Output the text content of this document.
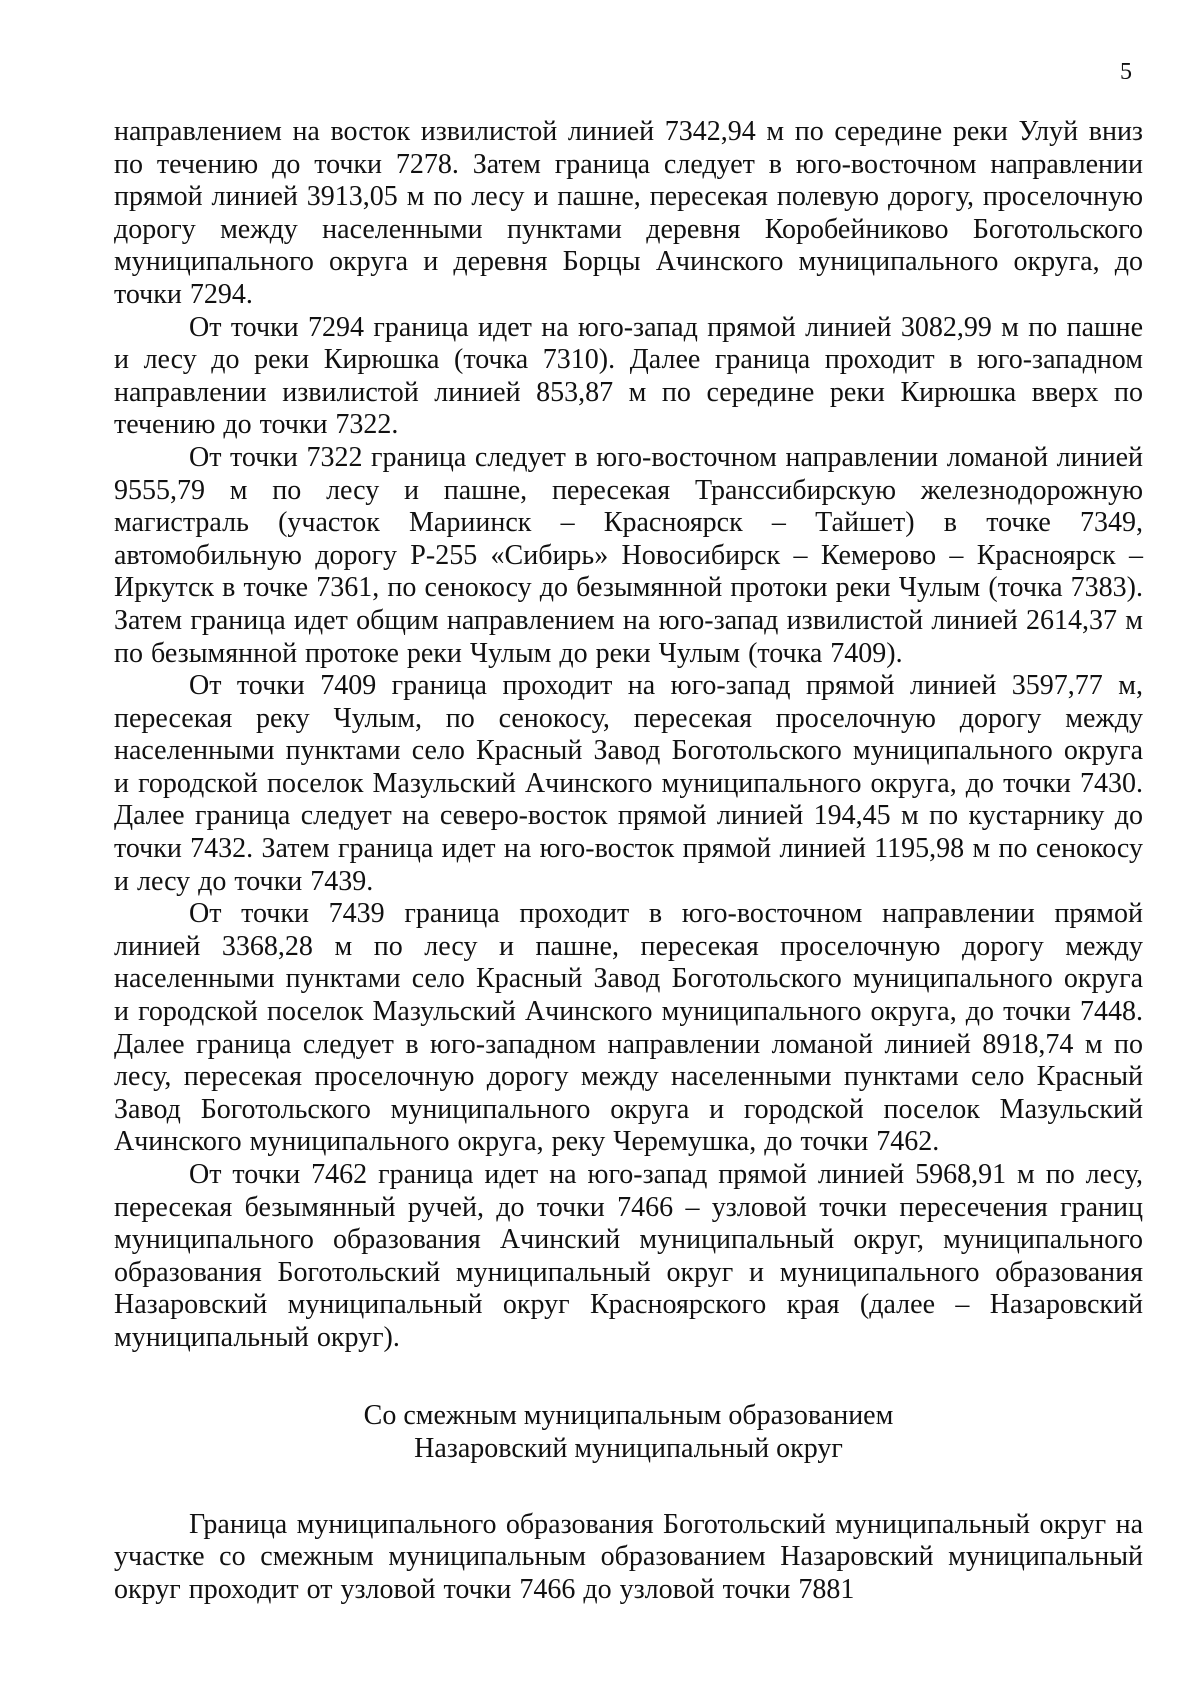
5

направлением на восток извилистой линией 7342,94 м по середине реки Улуй вниз по течению до точки 7278. Затем граница следует в юго-восточном направлении прямой линией 3913,05 м по лесу и пашне, пересекая полевую дорогу, проселочную дорогу между населенными пунктами деревня Коробейниково Боготольского муниципального округа и деревня Борцы Ачинского муниципального округа, до точки 7294.

От точки 7294 граница идет на юго-запад прямой линией 3082,99 м по пашне и лесу до реки Кирюшка (точка 7310). Далее граница проходит в юго-западном направлении извилистой линией 853,87 м по середине реки Кирюшка вверх по течению до точки 7322.

От точки 7322 граница следует в юго-восточном направлении ломаной линией 9555,79 м по лесу и пашне, пересекая Транссибирскую железнодорожную магистраль (участок Мариинск – Красноярск – Тайшет) в точке 7349, автомобильную дорогу Р-255 «Сибирь» Новосибирск – Кемерово – Красноярск – Иркутск в точке 7361, по сенокосу до безымянной протоки реки Чулым (точка 7383). Затем граница идет общим направлением на юго-запад извилистой линией 2614,37 м по безымянной протоке реки Чулым до реки Чулым (точка 7409).

От точки 7409 граница проходит на юго-запад прямой линией 3597,77 м, пересекая реку Чулым, по сенокосу, пересекая проселочную дорогу между населенными пунктами село Красный Завод Боготольского муниципального округа и городской поселок Мазульский Ачинского муниципального округа, до точки 7430. Далее граница следует на северо-восток прямой линией 194,45 м по кустарнику до точки 7432. Затем граница идет на юго-восток прямой линией 1195,98 м по сенокосу и лесу до точки 7439.

От точки 7439 граница проходит в юго-восточном направлении прямой линией 3368,28 м по лесу и пашне, пересекая проселочную дорогу между населенными пунктами село Красный Завод Боготольского муниципального округа и городской поселок Мазульский Ачинского муниципального округа, до точки 7448. Далее граница следует в юго-западном направлении ломаной линией 8918,74 м по лесу, пересекая проселочную дорогу между населенными пунктами село Красный Завод Боготольского муниципального округа и городской поселок Мазульский Ачинского муниципального округа, реку Черемушка, до точки 7462.

От точки 7462 граница идет на юго-запад прямой линией 5968,91 м по лесу, пересекая безымянный ручей, до точки 7466 – узловой точки пересечения границ муниципального образования Ачинский муниципальный округ, муниципального образования Боготольский муниципальный округ и муниципального образования Назаровский муниципальный округ Красноярского края (далее – Назаровский муниципальный округ).

Со смежным муниципальным образованием
Назаровский муниципальный округ

Граница муниципального образования Боготольский муниципальный округ на участке со смежным муниципальным образованием Назаровский муниципальный округ проходит от узловой точки 7466 до узловой точки 7881
